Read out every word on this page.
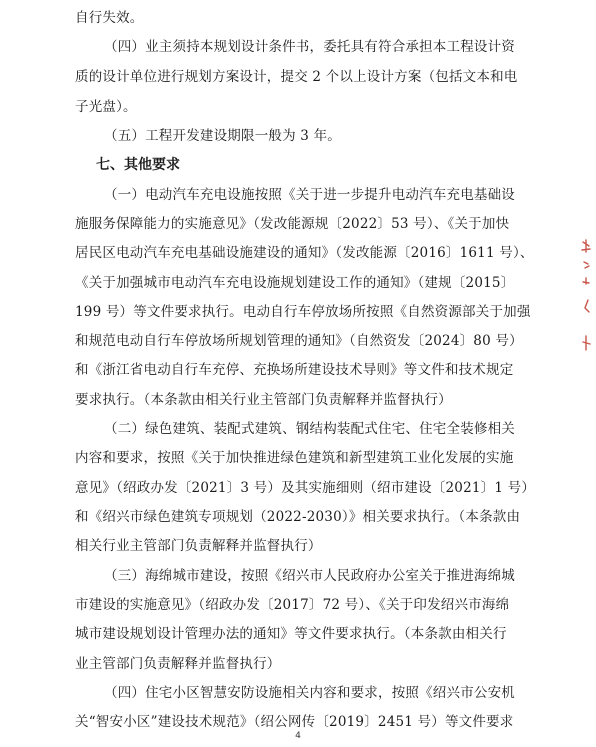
自行失效。
（四）业主须持本规划设计条件书，委托具有符合承担本工程设计资
质的设计单位进行规划方案设计，提交 2 个以上设计方案（包括文本和电
子光盘）。
（五）工程开发建设期限一般为 3 年。
七、其他要求
（一）电动汽车充电设施按照《关于进一步提升电动汽车充电基础设
施服务保障能力的实施意见》（发改能源规〔2022〕53 号）、《关于加快
居民区电动汽车充电基础设施建设的通知》（发改能源〔2016〕1611 号）、
《关于加强城市电动汽车充电设施规划建设工作的通知》（建规〔2015〕
199 号）等文件要求执行。电动自行车停放场所按照《自然资源部关于加强
和规范电动自行车停放场所规划管理的通知》（自然资发〔2024〕80 号）
和《浙江省电动自行车充停、充换场所建设技术导则》等文件和技术规定
要求执行。（本条款由相关行业主管部门负责解释并监督执行）
（二）绿色建筑、装配式建筑、钢结构装配式住宅、住宅全装修相关
内容和要求，按照《关于加快推进绿色建筑和新型建筑工业化发展的实施
意见》（绍政办发〔2021〕3 号）及其实施细则（绍市建设〔2021〕1 号）
和《绍兴市绿色建筑专项规划（2022-2030）》相关要求执行。（本条款由
相关行业主管部门负责解释并监督执行）
（三）海绵城市建设，按照《绍兴市人民政府办公室关于推进海绵城
市建设的实施意见》（绍政办发〔2017〕72 号）、《关于印发绍兴市海绵
城市建设规划设计管理办法的通知》等文件要求执行。（本条款由相关行
业主管部门负责解释并监督执行）
（四）住宅小区智慧安防设施相关内容和要求，按照《绍兴市公安机
关“智安小区”建设技术规范》（绍公网传〔2019〕2451 号）等文件要求
4
